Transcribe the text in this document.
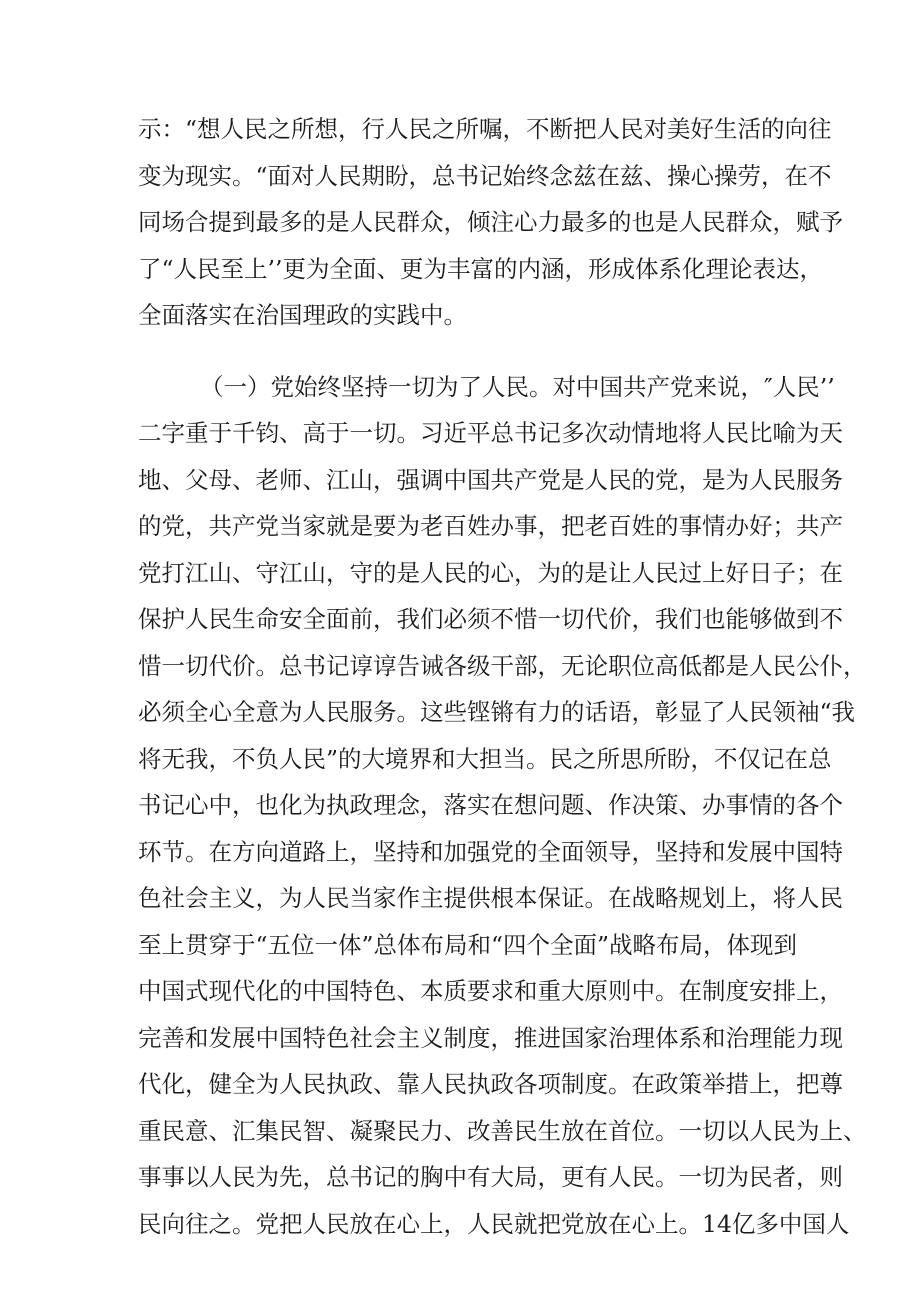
示：“想人民之所想，行人民之所嘱，不断把人民对美好生活的向往
变为现实。“面对人民期盼，总书记始终念兹在兹、操心操劳，在不
同场合提到最多的是人民群众，倾注心力最多的也是人民群众，赋予
了“人民至上’’更为全面、更为丰富的内涵，形成体系化理论表达，
全面落实在治国理政的实践中。
（一）党始终坚持一切为了人民。对中国共产党来说，″人民’’
二字重于千钧、高于一切。习近平总书记多次动情地将人民比喻为天
地、父母、老师、江山，强调中国共产党是人民的党，是为人民服务
的党，共产党当家就是要为老百姓办事，把老百姓的事情办好；共产
党打江山、守江山，守的是人民的心，为的是让人民过上好日子；在
保护人民生命安全面前，我们必须不惜一切代价，我们也能够做到不
惜一切代价。总书记谆谆告诫各级干部，无论职位高低都是人民公仆，
必须全心全意为人民服务。这些铿锵有力的话语，彰显了人民领袖“我
将无我，不负人民”的大境界和大担当。民之所思所盼，不仅记在总
书记心中，也化为执政理念，落实在想问题、作决策、办事情的各个
环节。在方向道路上，坚持和加强党的全面领导，坚持和发展中国特
色社会主义，为人民当家作主提供根本保证。在战略规划上，将人民
至上贯穿于“五位一体”总体布局和“四个全面”战略布局，体现到
中国式现代化的中国特色、本质要求和重大原则中。在制度安排上，
完善和发展中国特色社会主义制度，推进国家治理体系和治理能力现
代化，健全为人民执政、靠人民执政各项制度。在政策举措上，把尊
重民意、汇集民智、凝聚民力、改善民生放在首位。一切以人民为上、
事事以人民为先，总书记的胸中有大局，更有人民。一切为民者，则
民向往之。党把人民放在心上，人民就把党放在心上。14亿多中国人
